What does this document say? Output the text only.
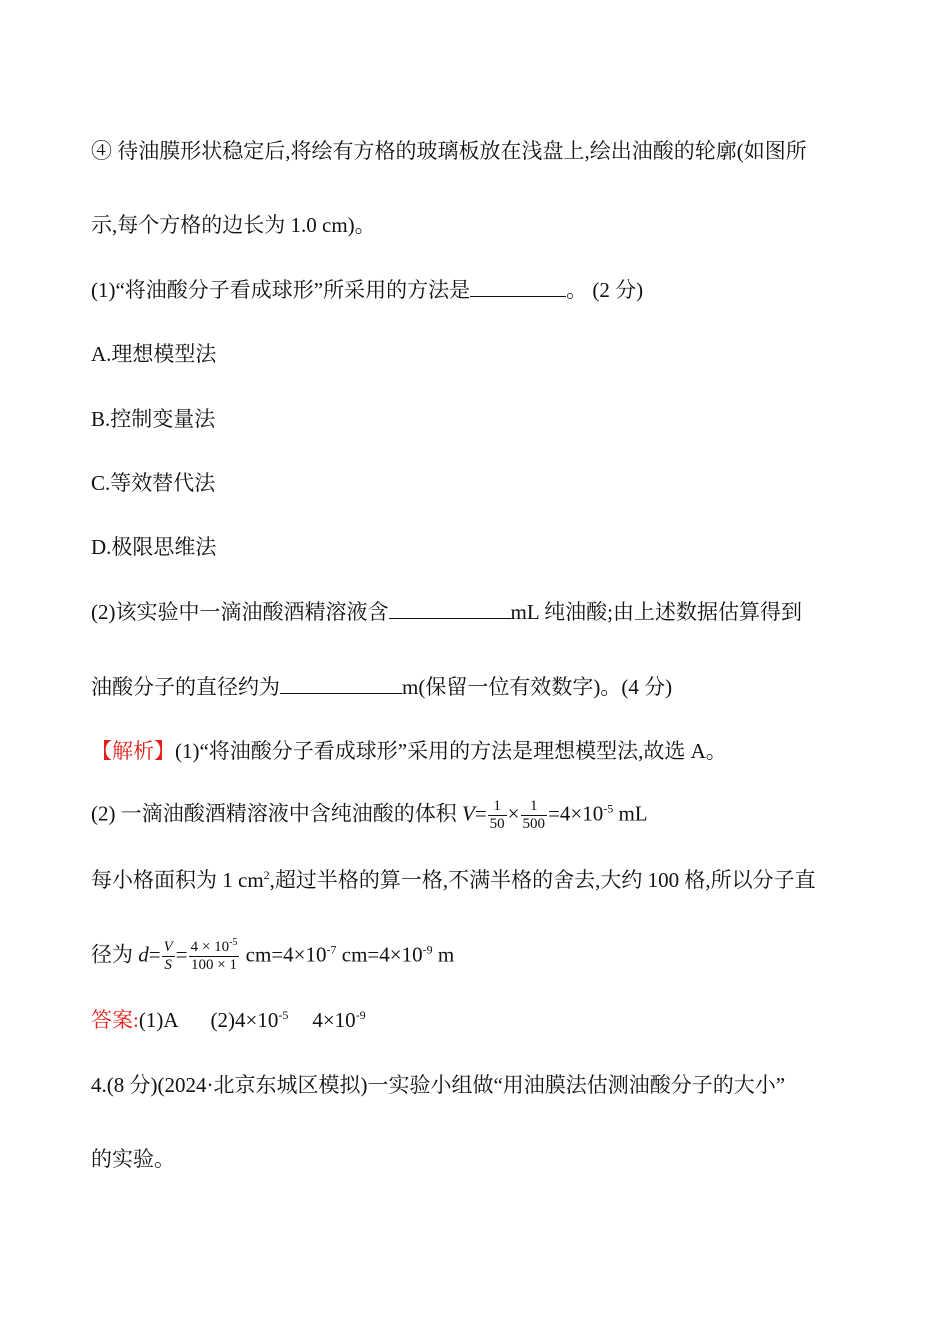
④ 待油膜形状稳定后,将绘有方格的玻璃板放在浅盘上,绘出油酸的轮廓(如图所
示,每个方格的边长为 1.0 cm)。
(1)“将油酸分子看成球形”所采用的方法是	。 (2 分)
A.理想模型法
B.控制变量法
C.等效替代法
D.极限思维法
(2)该实验中一滴油酸酒精溶液含	mL 纯油酸;由上述数据估算得到
油酸分子的直径约为	m(保留一位有效数字)。(4 分)
【解析】(1)“将油酸分子看成球形”采用的方法是理想模型法,故选 A。
(2) 一滴油酸酒精溶液中含纯油酸的体积 $V= \frac{1}{50} \times \frac{1}{500} =4\times 10^{-5}$ mL
每小格面积为 1 $cm^2$,超过半格的算一格,不满半格的舍去,大约 100 格,所以分子直
径为 $d= \frac{V}{S} = \frac{4 \times 10^{-5}}{100 \times 1} cm=4\times 10^{-7}$ $cm=4\times 10^{-9}$ m
答案:(1)A $(2)4\times 10^{-5}$ $4\times 10^{-9}$
4.(8 分)(2024·北京东城区模拟)一实验小组做“用油膜法估测油酸分子的大小”
的实验。
